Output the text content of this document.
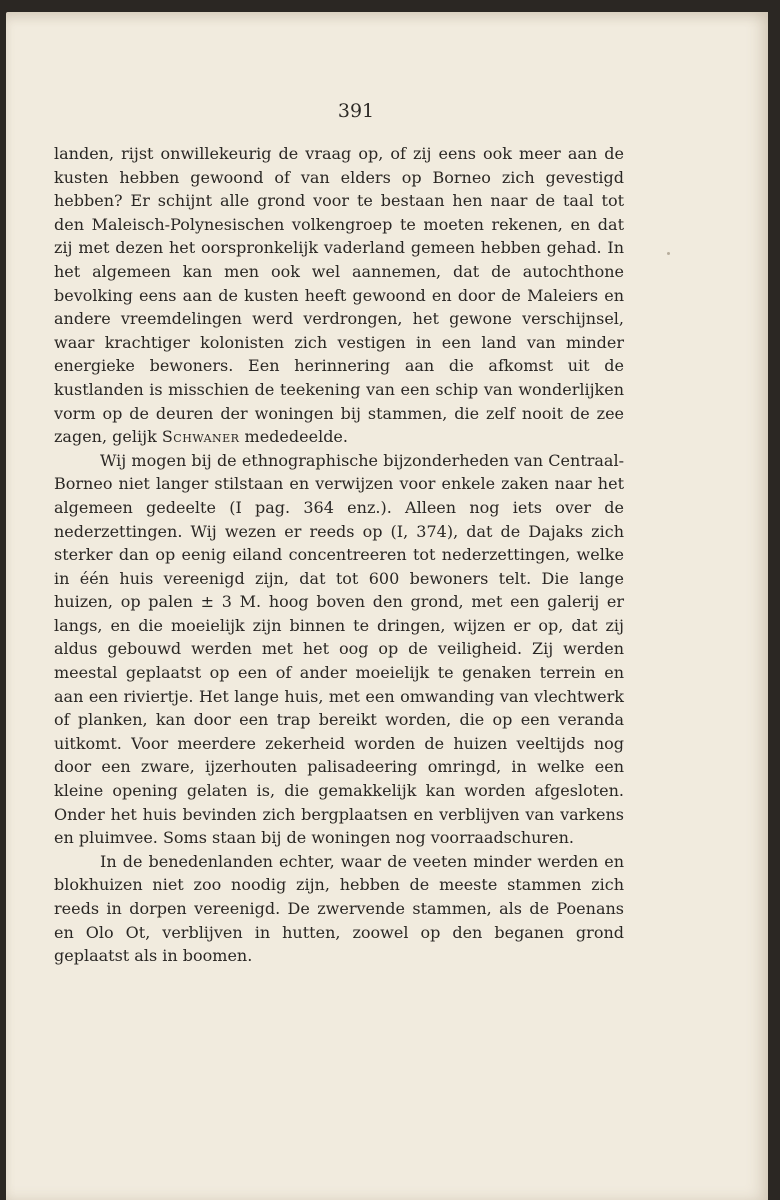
391

landen, rijst onwillekeurig de vraag op, of zij eens ook meer aan de kusten hebben gewoond of van elders op Borneo zich gevestigd hebben? Er schijnt alle grond voor te bestaan hen naar de taal tot den Maleisch-Polynesischen volkengroep te moeten rekenen, en dat zij met dezen het oorspronkelijk vaderland gemeen hebben gehad. In het algemeen kan men ook wel aannemen, dat de autochthone bevolking eens aan de kusten heeft gewoond en door de Maleiers en andere vreemdelingen werd verdrongen, het gewone verschijnsel, waar krachtiger kolonisten zich vestigen in een land van minder energieke bewoners. Een herinnering aan die afkomst uit de kustlanden is misschien de teekening van een schip van wonderlijken vorm op de deuren der woningen bij stammen, die zelf nooit de zee zagen, gelijk Schwaner mededeelde.

Wij mogen bij de ethnographische bijzonderheden van Centraal-Borneo niet langer stilstaan en verwijzen voor enkele zaken naar het algemeen gedeelte (I pag. 364 enz.). Alleen nog iets over de nederzettingen. Wij wezen er reeds op (I, 374), dat de Dajaks zich sterker dan op eenig eiland concentreeren tot nederzettingen, welke in één huis vereenigd zijn, dat tot 600 bewoners telt. Die lange huizen, op palen ± 3 M. hoog boven den grond, met een galerij er langs, en die moeielijk zijn binnen te dringen, wijzen er op, dat zij aldus gebouwd werden met het oog op de veiligheid. Zij werden meestal geplaatst op een of ander moeielijk te genaken terrein en aan een riviertje. Het lange huis, met een omwanding van vlechtwerk of planken, kan door een trap bereikt worden, die op een veranda uitkomt. Voor meerdere zekerheid worden de huizen veeltijds nog door een zware, ijzerhouten palisadeering omringd, in welke een kleine opening gelaten is, die gemakkelijk kan worden afgesloten. Onder het huis bevinden zich bergplaatsen en verblijven van varkens en pluimvee. Soms staan bij de woningen nog voorraadschuren.

In de benedenlanden echter, waar de veeten minder werden en blokhuizen niet zoo noodig zijn, hebben de meeste stammen zich reeds in dorpen vereenigd. De zwervende stammen, als de Poenans en Olo Ot, verblijven in hutten, zoowel op den beganen grond geplaatst als in boomen.
